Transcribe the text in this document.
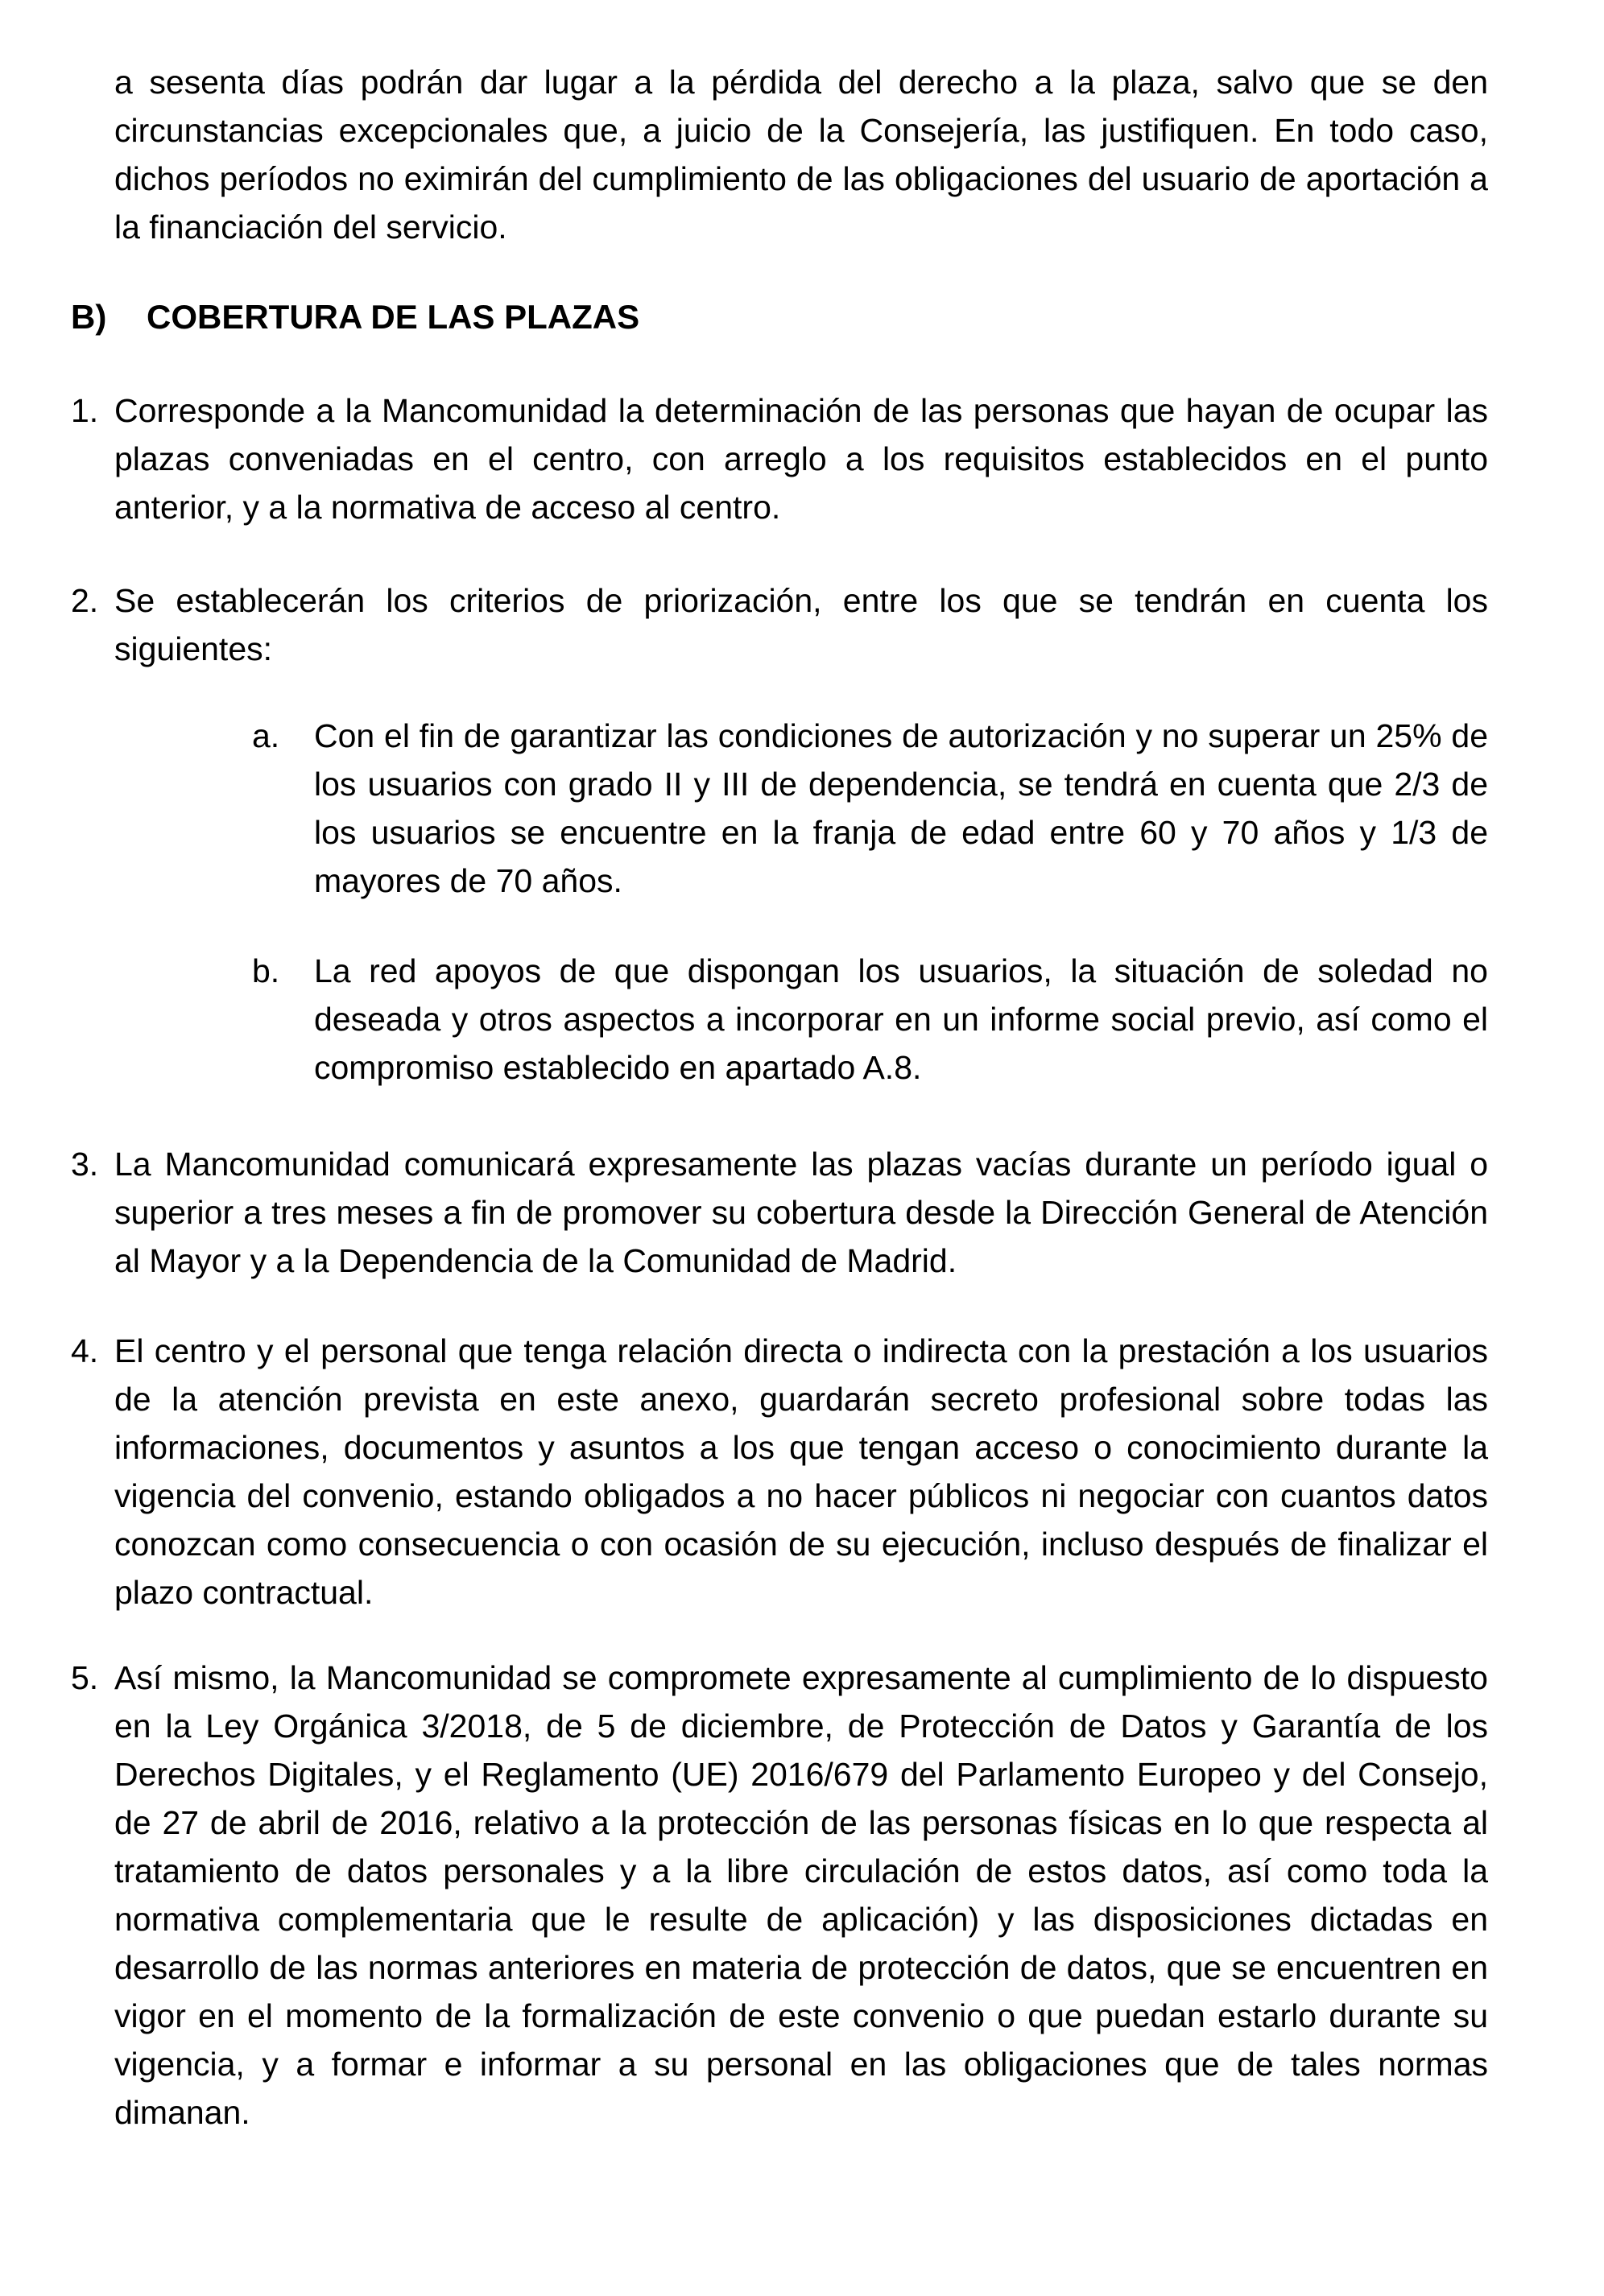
a sesenta días podrán dar lugar a la pérdida del derecho a la plaza, salvo que se den circunstancias excepcionales que, a juicio de la Consejería, las justifiquen. En todo caso, dichos períodos no eximirán del cumplimiento de las obligaciones del usuario de aportación a la financiación del servicio.

B)	COBERTURA DE LAS PLAZAS
1. Corresponde a la Mancomunidad la determinación de las personas que hayan de ocupar las plazas conveniadas en el centro, con arreglo a los requisitos establecidos en el punto anterior, y a la normativa de acceso al centro.
2. Se establecerán los criterios de priorización, entre los que se tendrán en cuenta los siguientes:

a.	Con el fin de garantizar las condiciones de autorización y no superar un 25% de los usuarios con grado II y III de dependencia, se tendrá en cuenta que 2/3 de los usuarios se encuentre en la franja de edad entre 60 y 70 años y 1/3 de mayores de 70 años.
b.	La red apoyos de que dispongan los usuarios, la situación de soledad no deseada y otros aspectos a incorporar en un informe social previo, así como el compromiso establecido en apartado A.8.
3. La Mancomunidad comunicará expresamente las plazas vacías durante un período igual o superior a tres meses a fin de promover su cobertura desde la Dirección General de Atención al Mayor y a la Dependencia de la Comunidad de Madrid.
4. El centro y el personal que tenga relación directa o indirecta con la prestación a los usuarios de la atención prevista en este anexo, guardarán secreto profesional sobre todas las informaciones, documentos y asuntos a los que tengan acceso o conocimiento durante la vigencia del convenio, estando obligados a no hacer públicos ni negociar con cuantos datos conozcan como consecuencia o con ocasión de su ejecución, incluso después de finalizar el plazo contractual.
5. Así mismo, la Mancomunidad se compromete expresamente al cumplimiento de lo dispuesto en la Ley Orgánica 3/2018, de 5 de diciembre, de Protección de Datos y Garantía de los Derechos Digitales, y el Reglamento (UE) 2016/679 del Parlamento Europeo y del Consejo, de 27 de abril de 2016, relativo a la protección de las personas físicas en lo que respecta al tratamiento de datos personales y a la libre circulación de estos datos, así como toda la normativa complementaria que le resulte de aplicación) y las disposiciones dictadas en desarrollo de las normas anteriores en materia de protección de datos, que se encuentren en vigor en el momento de la formalización de este convenio o que puedan estarlo durante su vigencia, y a formar e informar a su personal en las obligaciones que de tales normas dimanan.
